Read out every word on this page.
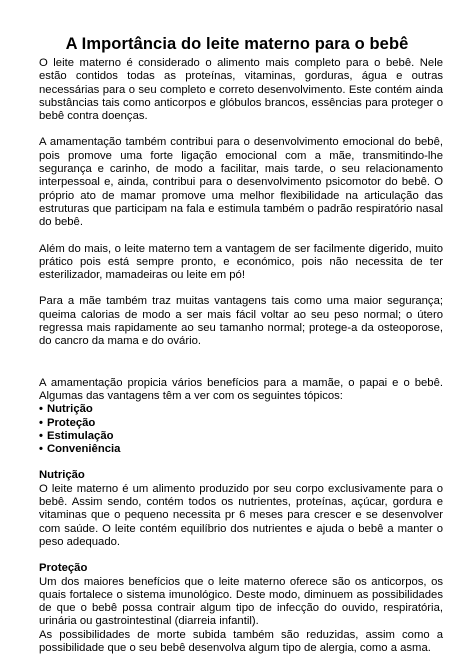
A Importância do leite materno para o bebê

O leite materno é considerado o alimento mais completo para o bebê. Nele estão contidos todas as proteínas, vitaminas, gorduras, água e outras necessárias para o seu completo e correto desenvolvimento. Este contém ainda substâncias tais como anticorpos e glóbulos brancos, essências para proteger o bebê contra doenças.

A amamentação também contribui para o desenvolvimento emocional do bebê, pois promove uma forte ligação emocional com a mãe, transmitindo-lhe segurança e carinho, de modo a facilitar, mais tarde, o seu relacionamento interpessoal e, ainda, contribui para o desenvolvimento psicomotor do bebê. O próprio ato de mamar promove uma melhor flexibilidade na articulação das estruturas que participam na fala e estimula também o padrão respiratório nasal do bebê.

Além do mais, o leite materno tem a vantagem de ser facilmente digerido, muito prático pois está sempre pronto, e económico, pois não necessita de ter esterilizador, mamadeiras ou leite em pó!

Para a mãe também traz muitas vantagens tais como uma maior segurança; queima calorias de modo a ser mais fácil voltar ao seu peso normal; o útero regressa mais rapidamente ao seu tamanho normal; protege-a da osteoporose, do cancro da mama e do ovário.

A amamentação propicia vários benefícios para a mamãe, o papai e o bebê. Algumas das vantagens têm a ver com os seguintes tópicos:

• Nutrição
• Proteção
• Estimulação
• Conveniência

Nutrição

O leite materno é um alimento produzido por seu corpo exclusivamente para o bebê. Assim sendo, contém todos os nutrientes, proteínas, açúcar, gordura e vitaminas que o pequeno necessita pr 6 meses para crescer e se desenvolver com saúde. O leite contém equilíbrio dos nutrientes e ajuda o bebê a manter o peso adequado.

Proteção

Um dos maiores benefícios que o leite materno oferece são os anticorpos, os quais fortalece o sistema imunológico. Deste modo, diminuem as possibilidades de que o bebê possa contrair algum tipo de infecção do ouvido, respiratória, urinária ou gastrointestinal (diarreia infantil).

As possibilidades de morte subida também são reduzidas, assim como a possibilidade que o seu bebê desenvolva algum tipo de alergia, como a asma.
